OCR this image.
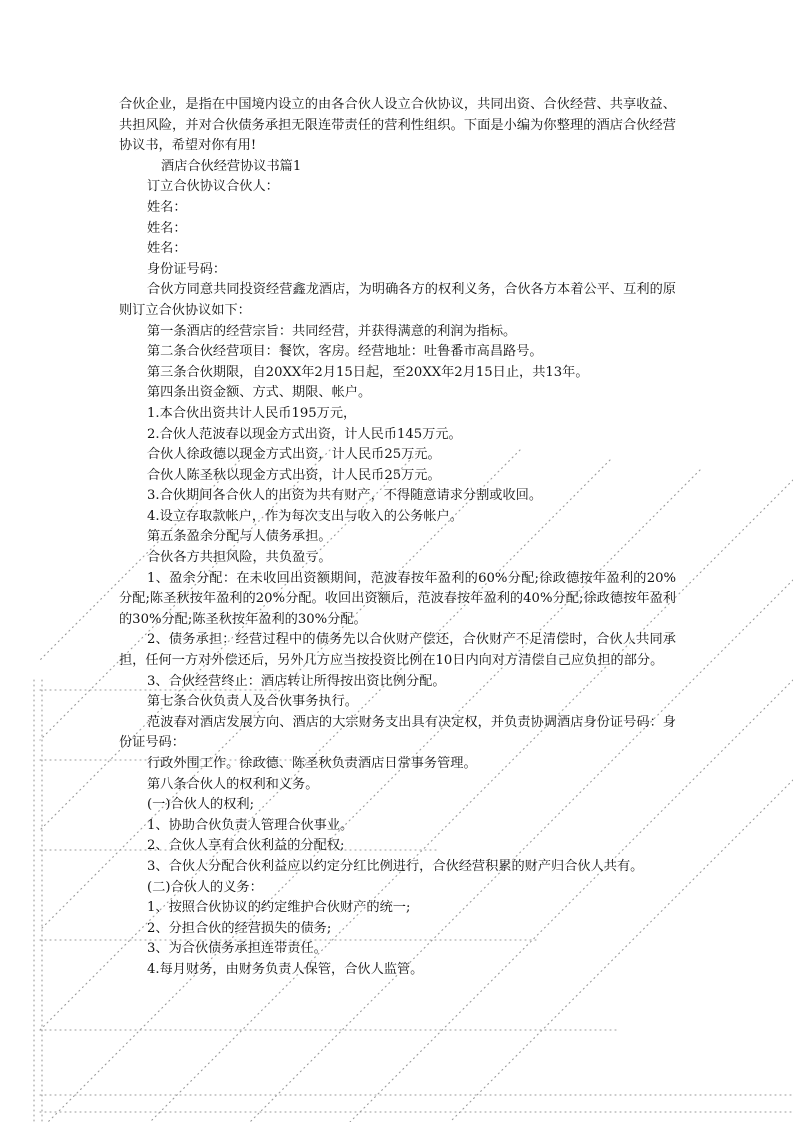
合伙企业，是指在中国境内设立的由各合伙人设立合伙协议，共同出资、合伙经营、共享收益、共担风险，并对合伙债务承担无限连带责任的营利性组织。下面是小编为你整理的酒店合伙经营协议书，希望对你有用!

酒店合伙经营协议书篇1

订立合伙协议合伙人：

姓名：

姓名：

姓名：

身份证号码：

合伙方同意共同投资经营鑫龙酒店，为明确各方的权利义务，合伙各方本着公平、互利的原则订立合伙协议如下：

第一条酒店的经营宗旨：共同经营，并获得满意的利润为指标。

第二条合伙经营项目：餐饮，客房。经营地址：吐鲁番市高昌路号。

第三条合伙期限，自20XX年2月15日起，至20XX年2月15日止，共13年。

第四条出资金额、方式、期限、帐户。

1.本合伙出资共计人民币195万元，

2.合伙人范波春以现金方式出资，计人民币145万元。

合伙人徐政德以现金方式出资，计人民币25万元。

合伙人陈圣秋以现金方式出资，计人民币25万元。

3.合伙期间各合伙人的出资为共有财产，不得随意请求分割或收回。

4.设立存取款帐户，作为每次支出与收入的公务帐户。

第五条盈余分配与人债务承担。

合伙各方共担风险，共负盈亏。

1、盈余分配：在未收回出资额期间，范波春按年盈利的60%分配;徐政德按年盈利的20%分配;陈圣秋按年盈利的20%分配。收回出资额后，范波春按年盈利的40%分配;徐政德按年盈利的30%分配;陈圣秋按年盈利的30%分配。

2、债务承担：经营过程中的债务先以合伙财产偿还，合伙财产不足清偿时，合伙人共同承担，任何一方对外偿还后，另外几方应当按投资比例在10日内向对方清偿自己应负担的部分。

3、合伙经营终止：酒店转让所得按出资比例分配。

第七条合伙负责人及合伙事务执行。

范波春对酒店发展方向、酒店的大宗财务支出具有决定权，并负责协调酒店身份证号码：身份证号码：

行政外围工作。徐政德、陈圣秋负责酒店日常事务管理。

第八条合伙人的权利和义务。

(一)合伙人的权利;

1、协助合伙负责人管理合伙事业。

2、合伙人享有合伙利益的分配权;

3、合伙人分配合伙利益应以约定分红比例进行，合伙经营积累的财产归合伙人共有。

(二)合伙人的义务：

1、按照合伙协议的约定维护合伙财产的统一;

2、分担合伙的经营损失的债务;

3、为合伙债务承担连带责任。

4.每月财务，由财务负责人保管，合伙人监管。
